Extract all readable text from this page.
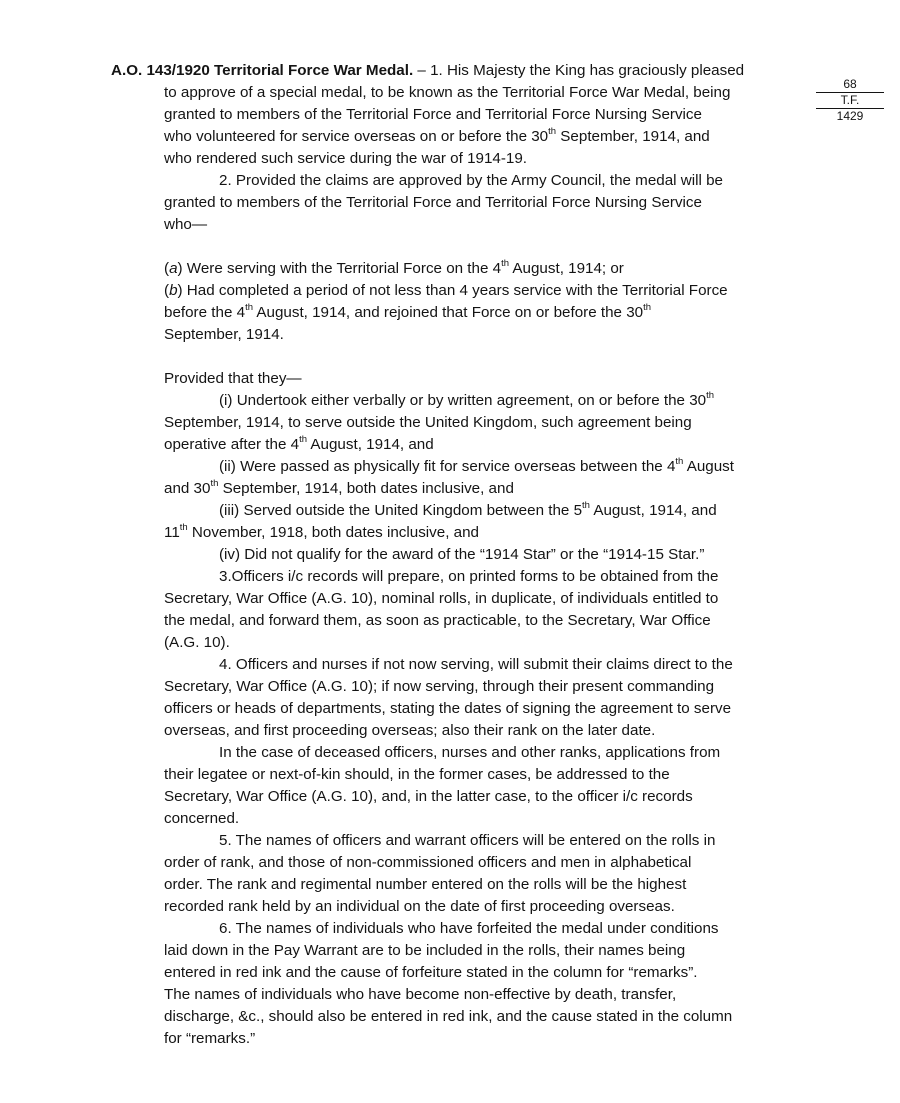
68
T.F.
1429
A.O. 143/1920 Territorial Force War Medal. – 1. His Majesty the King has graciously pleased
to approve of a special medal, to be known as the Territorial Force War Medal, being
granted to members of the Territorial Force and Territorial Force Nursing Service
who volunteered for service overseas on or before the 30th September, 1914, and
who rendered such service during the war of 1914-19.
2. Provided the claims are approved by the Army Council, the medal will be
granted to members of the Territorial Force and Territorial Force Nursing Service
who—
(a) Were serving with the Territorial Force on the 4th August, 1914; or
(b) Had completed a period of not less than 4 years service with the Territorial Force
before the 4th August, 1914, and rejoined that Force on or before the 30th
September, 1914.
Provided that they—
(i) Undertook either verbally or by written agreement, on or before the 30th
September, 1914, to serve outside the United Kingdom, such agreement being
operative after the 4th August, 1914, and
(ii) Were passed as physically fit for service overseas between the 4th August
and 30th September, 1914, both dates inclusive, and
(iii) Served outside the United Kingdom between the 5th August, 1914, and
11th November, 1918, both dates inclusive, and
(iv) Did not qualify for the award of the “1914 Star” or the “1914-15 Star.”
3.Officers i/c records will prepare, on printed forms to be obtained from the
Secretary, War Office (A.G. 10), nominal rolls, in duplicate, of individuals entitled to
the medal, and forward them, as soon as practicable, to the Secretary, War Office
(A.G. 10).
4. Officers and nurses if not now serving, will submit their claims direct to the
Secretary, War Office (A.G. 10); if now serving, through their present commanding
officers or heads of departments, stating the dates of signing the agreement to serve
overseas, and first proceeding overseas; also their rank on the later date.
In the case of deceased officers, nurses and other ranks, applications from
their legatee or next-of-kin should, in the former cases, be addressed to the
Secretary, War Office (A.G. 10), and, in the latter case, to the officer i/c records
concerned.
5. The names of officers and warrant officers will be entered on the rolls in
order of rank, and those of non-commissioned officers and men in alphabetical
order. The rank and regimental number entered on the rolls will be the highest
recorded rank held by an individual on the date of first proceeding overseas.
6. The names of individuals who have forfeited the medal under conditions
laid down in the Pay Warrant are to be included in the rolls, their names being
entered in red ink and the cause of forfeiture stated in the column for “remarks”.
The names of individuals who have become non-effective by death, transfer,
discharge, &c., should also be entered in red ink, and the cause stated in the column
for “remarks.”
